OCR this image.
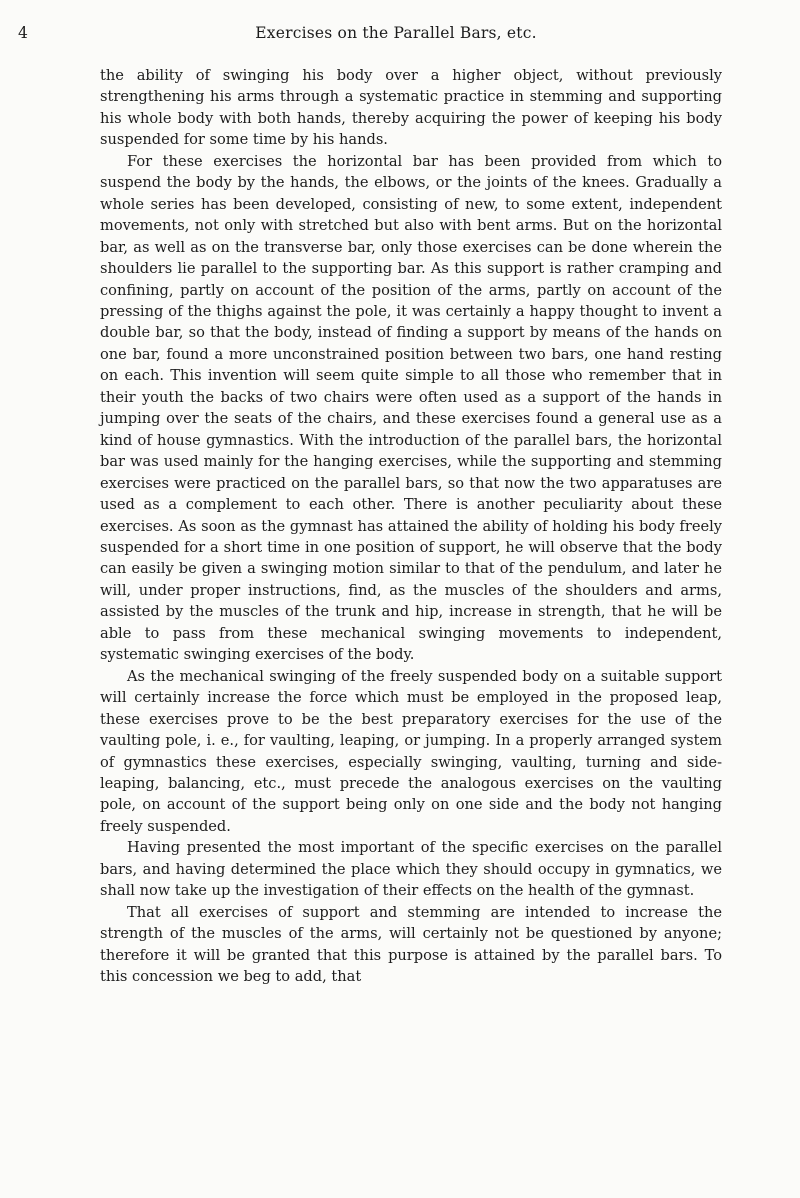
4	Exercises on the Parallel Bars, etc.

the ability of swinging his body over a higher object, without previously strengthening his arms through a systematic practice in stemming and supporting his whole body with both hands, thereby acquiring the power of keeping his body suspended for some time by his hands.

For these exercises the horizontal bar has been provided from which to suspend the body by the hands, the elbows, or the joints of the knees. Gradually a whole series has been developed, consisting of new, to some extent, independent movements, not only with stretched but also with bent arms. But on the horizontal bar, as well as on the transverse bar, only those exercises can be done wherein the shoulders lie parallel to the supporting bar. As this support is rather cramping and confining, partly on account of the position of the arms, partly on account of the pressing of the thighs against the pole, it was certainly a happy thought to invent a double bar, so that the body, instead of finding a support by means of the hands on one bar, found a more unconstrained position between two bars, one hand resting on each. This invention will seem quite simple to all those who remember that in their youth the backs of two chairs were often used as a support of the hands in jumping over the seats of the chairs, and these exercises found a general use as a kind of house gymnastics. With the introduction of the parallel bars, the horizontal bar was used mainly for the hanging exercises, while the supporting and stemming exercises were practiced on the parallel bars, so that now the two apparatuses are used as a complement to each other. There is another peculiarity about these exercises. As soon as the gymnast has attained the ability of holding his body freely suspended for a short time in one position of support, he will observe that the body can easily be given a swinging motion similar to that of the pendulum, and later he will, under proper instructions, find, as the muscles of the shoulders and arms, assisted by the muscles of the trunk and hip, increase in strength, that he will be able to pass from these mechanical swinging movements to independent, systematic swinging exercises of the body.

As the mechanical swinging of the freely suspended body on a suitable support will certainly increase the force which must be employed in the proposed leap, these exercises prove to be the best preparatory exercises for the use of the vaulting pole, i. e., for vaulting, leaping, or jumping. In a properly arranged system of gymnastics these exercises, especially swinging, vaulting, turning and side-leaping, balancing, etc., must precede the analogous exercises on the vaulting pole, on account of the support being only on one side and the body not hanging freely suspended.

Having presented the most important of the specific exercises on the parallel bars, and having determined the place which they should occupy in gymnatics, we shall now take up the investigation of their effects on the health of the gymnast.

That all exercises of support and stemming are intended to increase the strength of the muscles of the arms, will certainly not be questioned by anyone; therefore it will be granted that this purpose is attained by the parallel bars. To this concession we beg to add, that
